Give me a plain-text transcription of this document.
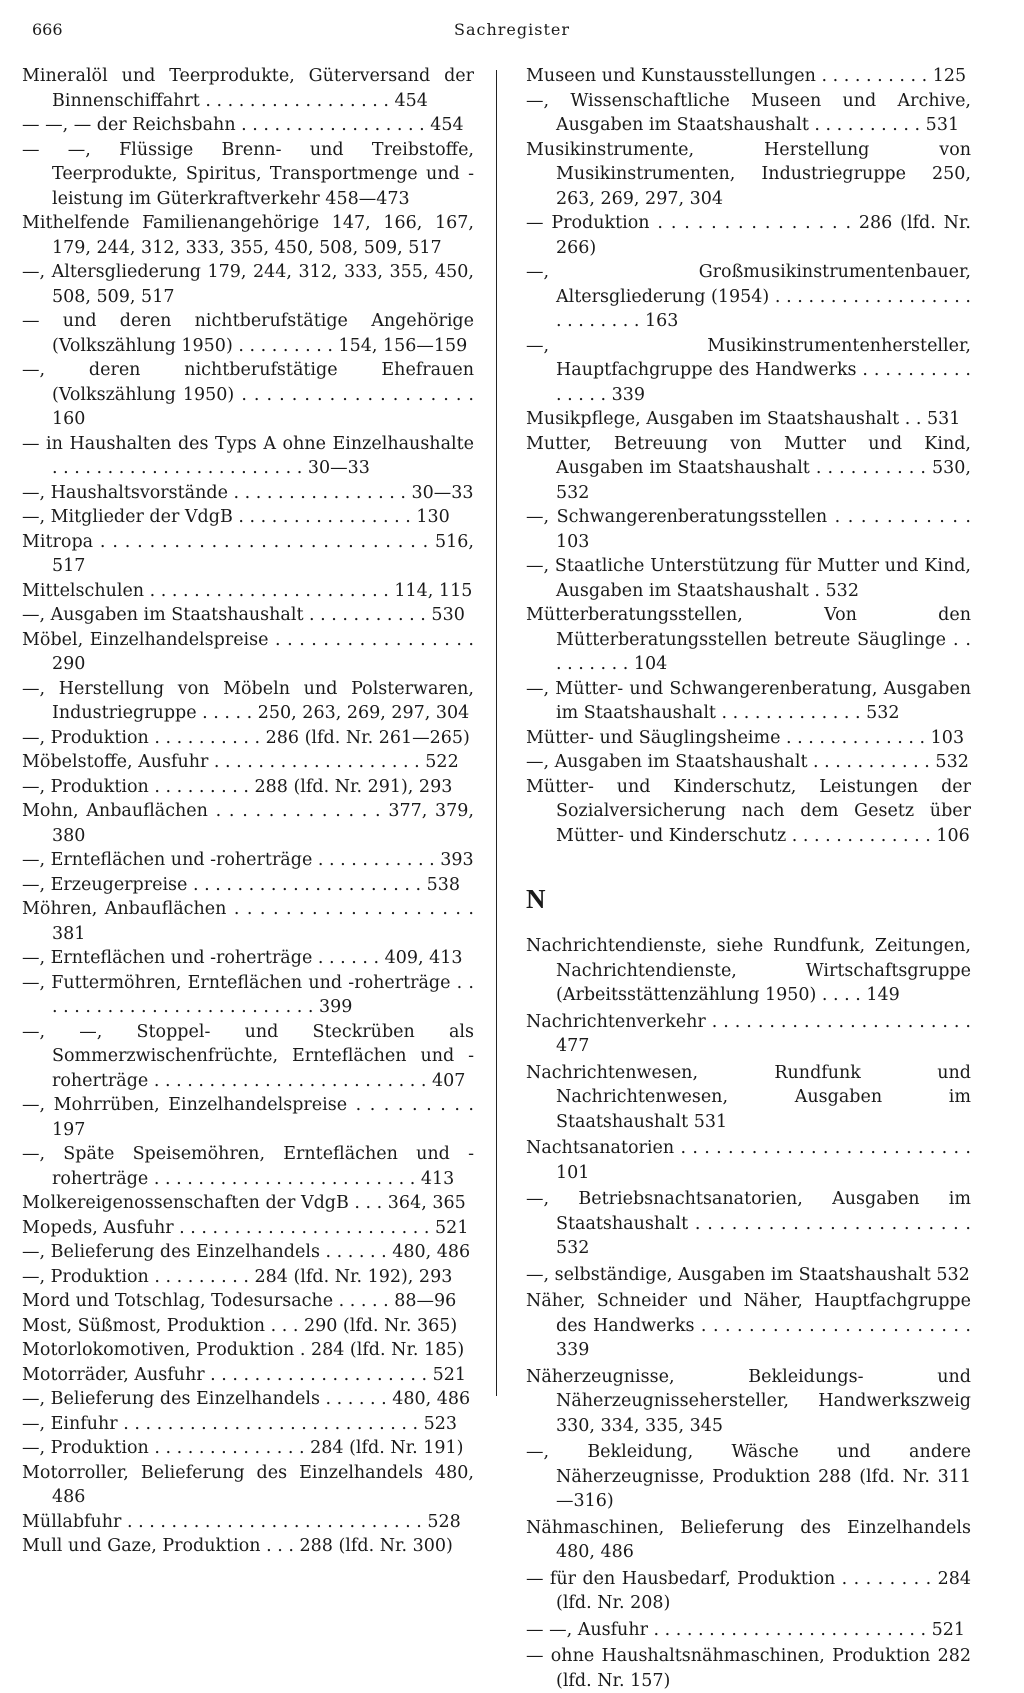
666	Sachregister
Mineralöl und Teerprodukte, Güterversand der Binnenschiffahrt . . . . . . . . . . . . . . . . . 454
— —, — der Reichsbahn . . . . . . . . . . . . . . . . . 454
— —, Flüssige Brenn- und Treibstoffe, Teerprodukte, Spiritus, Transportmenge und -leistung im Güterkraftverkehr 458—473
Mithelfende Familienangehörige 147, 166, 167, 179, 244, 312, 333, 355, 450, 508, 509, 517
—, Altersgliederung 179, 244, 312, 333, 355, 450, 508, 509, 517
— und deren nichtberufstätige Angehörige (Volkszählung 1950) . . . . . . . . . 154, 156—159
—, deren nichtberufstätige Ehefrauen (Volkszählung 1950) . . . . . . . . . . . . . . . . . . . 160
— in Haushalten des Typs A ohne Einzelhaushalte . . . . . . . . . . . . . . . . . . . . . . . 30—33
—, Haushaltsvorstände . . . . . . . . . . . . . . . . 30—33
—, Mitglieder der VdgB . . . . . . . . . . . . . . . . 130
Mitropa . . . . . . . . . . . . . . . . . . . . . . . . . . . 516, 517
Mittelschulen . . . . . . . . . . . . . . . . . . . . . . 114, 115
—, Ausgaben im Staatshaushalt . . . . . . . . . . . 530
Möbel, Einzelhandelspreise . . . . . . . . . . . . . . . . . 290
—, Herstellung von Möbeln und Polsterwaren, Industriegruppe . . . . . 250, 263, 269, 297, 304
—, Produktion . . . . . . . . . . 286 (lfd. Nr. 261—265)
Möbelstoffe, Ausfuhr . . . . . . . . . . . . . . . . . . . 522
—, Produktion . . . . . . . . . 288 (lfd. Nr. 291), 293
Mohn, Anbauflächen . . . . . . . . . . . . . 377, 379, 380
—, Ernteflächen und -roherträge . . . . . . . . . . . 393
—, Erzeugerpreise . . . . . . . . . . . . . . . . . . . . . 538
Möhren, Anbauflächen . . . . . . . . . . . . . . . . . . . 381
—, Ernteflächen und -roherträge . . . . . . 409, 413
—, Futtermöhren, Ernteflächen und -roherträge . . . . . . . . . . . . . . . . . . . . . . . . . . 399
—, —, Stoppel- und Steckrüben als Sommerzwischenfrüchte, Ernteflächen und -roherträge . . . . . . . . . . . . . . . . . . . . . . . . . 407
—, Mohrrüben, Einzelhandelspreise . . . . . . . . . 197
—, Späte Speisemöhren, Ernteflächen und -roherträge . . . . . . . . . . . . . . . . . . . . . . . . 413
Molkereigenossenschaften der VdgB . . . 364, 365
Mopeds, Ausfuhr . . . . . . . . . . . . . . . . . . . . . . . 521
—, Belieferung des Einzelhandels . . . . . . 480, 486
—, Produktion . . . . . . . . . 284 (lfd. Nr. 192), 293
Mord und Totschlag, Todesursache . . . . . 88—96
Most, Süßmost, Produktion . . . 290 (lfd. Nr. 365)
Motorlokomotiven, Produktion . 284 (lfd. Nr. 185)
Motorräder, Ausfuhr . . . . . . . . . . . . . . . . . . . . 521
—, Belieferung des Einzelhandels . . . . . . 480, 486
—, Einfuhr . . . . . . . . . . . . . . . . . . . . . . . . . . . 523
—, Produktion . . . . . . . . . . . . . . 284 (lfd. Nr. 191)
Motorroller, Belieferung des Einzelhandels 480, 486
Müllabfuhr . . . . . . . . . . . . . . . . . . . . . . . . . . . 528
Mull und Gaze, Produktion . . . 288 (lfd. Nr. 300)
Museen und Kunstausstellungen . . . . . . . . . . 125
—, Wissenschaftliche Museen und Archive, Ausgaben im Staatshaushalt . . . . . . . . . . 531
Musikinstrumente, Herstellung von Musikinstrumenten, Industriegruppe 250, 263, 269, 297, 304
— Produktion . . . . . . . . . . . . . . . 286 (lfd. Nr. 266)
—, Großmusikinstrumentenbauer, Altersgliederung (1954) . . . . . . . . . . . . . . . . . . . . . . . . . . 163
—, Musikinstrumentenhersteller, Hauptfachgruppe des Handwerks . . . . . . . . . . . . . . . 339
Musikpflege, Ausgaben im Staatshaushalt . . 531
Mutter, Betreuung von Mutter und Kind, Ausgaben im Staatshaushalt . . . . . . . . . . 530, 532
—, Schwangerenberatungsstellen . . . . . . . . . . . 103
—, Staatliche Unterstützung für Mutter und Kind, Ausgaben im Staatshaushalt . 532
Mütterberatungsstellen, Von den Mütterberatungsstellen betreute Säuglinge . . . . . . . . . 104
—, Mütter- und Schwangerenberatung, Ausgaben im Staatshaushalt . . . . . . . . . . . . . 532
Mütter- und Säuglingsheime . . . . . . . . . . . . . 103
—, Ausgaben im Staatshaushalt . . . . . . . . . . . 532
Mütter- und Kinderschutz, Leistungen der Sozialversicherung nach dem Gesetz über Mütter- und Kinderschutz . . . . . . . . . . . . . 106
N
Nachrichtendienste, siehe Rundfunk, Zeitungen, Nachrichtendienste, Wirtschaftsgruppe (Arbeitsstättenzählung 1950) . . . . 149
Nachrichtenverkehr . . . . . . . . . . . . . . . . . . . . . . . 477
Nachrichtenwesen, Rundfunk und Nachrichtenwesen, Ausgaben im Staatshaushalt 531
Nachtsanatorien . . . . . . . . . . . . . . . . . . . . . . . . . 101
—, Betriebsnachtsanatorien, Ausgaben im Staatshaushalt . . . . . . . . . . . . . . . . . . . . . . . 532
—, selbständige, Ausgaben im Staatshaushalt 532
Näher, Schneider und Näher, Hauptfachgruppe des Handwerks . . . . . . . . . . . . . . . . . . . . . . . 339
Näherzeugnisse, Bekleidungs- und Näherzeugnissehersteller, Handwerkszweig 330, 334, 335, 345
—, Bekleidung, Wäsche und andere Näherzeugnisse, Produktion 288 (lfd. Nr. 311—316)
Nähmaschinen, Belieferung des Einzelhandels 480, 486
— für den Hausbedarf, Produktion . . . . . . . . 284 (lfd. Nr. 208)
— —, Ausfuhr . . . . . . . . . . . . . . . . . . . . . . . . . 521
— ohne Haushaltsnähmaschinen, Produktion 282 (lfd. Nr. 157)
